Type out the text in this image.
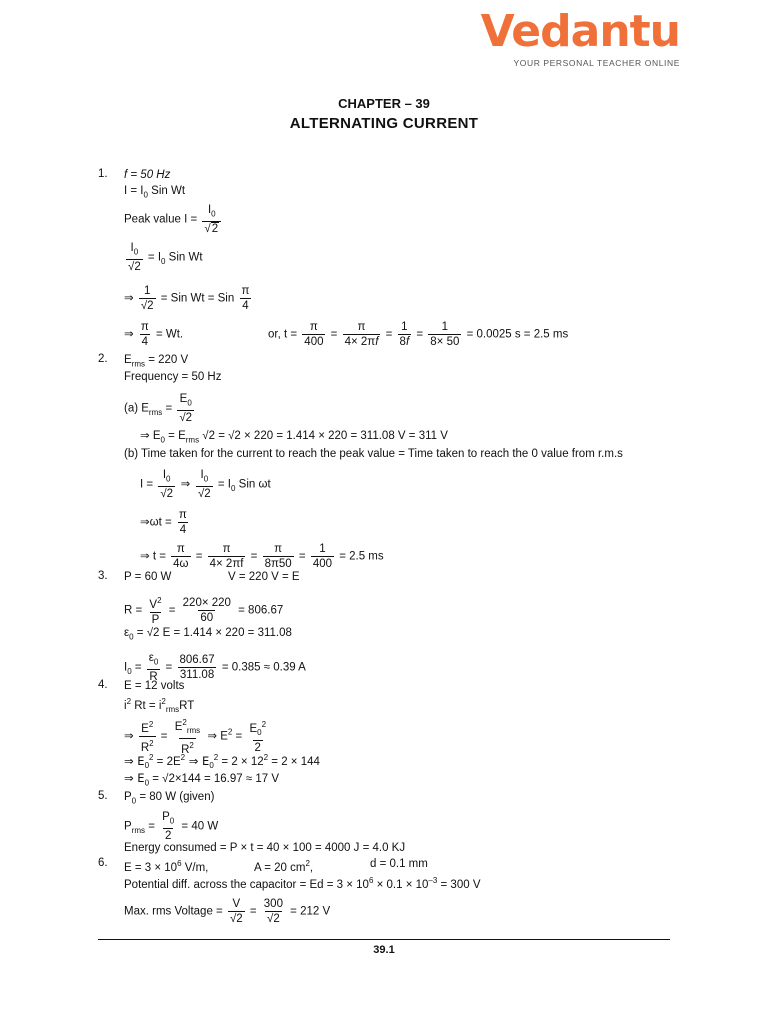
Vedantu
YOUR PERSONAL TEACHER ONLINE
CHAPTER – 39
ALTERNATING CURRENT
1. f = 50 Hz
$I = I_0$ Sin Wt
Peak value $I = \frac{I_0}{√2}$
$\frac{I_0}{√2} = I_0$ Sin Wt
⇒ $\frac{1}{√2}$ = Sin Wt = Sin $\frac{\pi}{4}$
⇒ $\frac{\pi}{4} = Wt$.	or, $t = \frac{\pi}{400} = \frac{\pi}{4\times 2\pi f} = \frac{1}{8f} = \frac{1}{8\times 50} = 0.0025$ s = 2.5 ms
2. $E_{rms} = 220$ V
Frequency = 50 Hz
(a) $E_{rms} = \frac{E_0}{√2}$
⇒ $E_0 = E_{rms}$ √2 = √2 × 220 = 1.414 × 220 = 311.08 V = 311 V
(b) Time taken for the current to reach the peak value = Time taken to reach the 0 value from r.m.s
$I = \frac{I_0}{√2}$ ⇒ $\frac{I_0}{√2} = I_0$ Sin ωt
⇒ωt = $\frac{\pi}{4}$
⇒ $t = \frac{\pi}{4\omega} = \frac{\pi}{4\times 2\pi f} = \frac{\pi}{8\pi 50} = \frac{1}{400} = 2.5$ ms
3. P = 60 W	V = 220 V = E
$R = \frac{V^2}{P} = \frac{220\times 220}{60} = 806.67$
$\varepsilon_0 = √2$ E = 1.414 × 220 = 311.08
$I_0 = \frac{\varepsilon_0}{R} = \frac{806.67}{311.08} = 0.385 \approx 0.39$ A
4. E = 12 volts
$i^2$ $Rt = i^2_{rms}RT$
⇒ $\frac{E^2}{R^2} = \frac{E^2_{rms}}{R^2}$ ⇒ $E^2 = \frac{E_0^2}{2}$
⇒ $E_0^2 = 2E^2$ ⇒ $E_0^2 = 2 \times 12^2 = 2 \times 144$
⇒ $E_0 = √2\times 144 = 16.97 \approx 17$ V
5. $P_0 = 80$ W (given)
$P_{rms} = \frac{P_0}{2} = 40$ W
Energy consumed = P × t = 40 × 100 = 4000 J = 4.0 KJ
6. $E = 3 \times 10^6$ V/m,	A = 20 $cm^2$,	d = 0.1 mm
Potential diff. across the capacitor = $Ed = 3 \times 10^6 \times 0.1 \times 10^{-3} = 300$ V
Max. rms Voltage = $\frac{V}{√2} = \frac{300}{√2} = 212$ V
39.1
